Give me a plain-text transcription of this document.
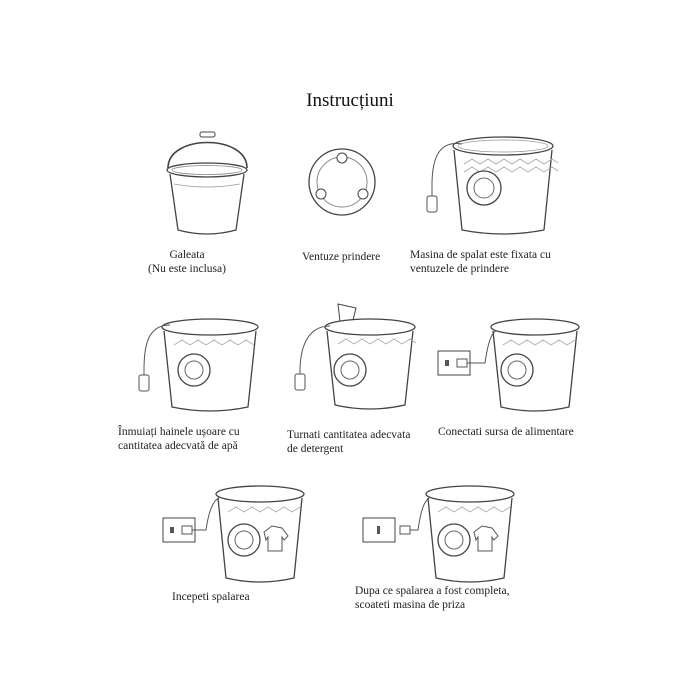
Instrucțiuni
Galeata
(Nu este inclusa)
Ventuze prindere	Masina de spalat este fixata cu
ventuzele de prindere
Înmuiați hainele ușoare cu
cantitatea adecvată de apă
Turnati cantitatea adecvata
de detergent
Conectati sursa de alimentare
Incepeti spalarea	Dupa ce spalarea a fost completa,
scoateti masina de priza
